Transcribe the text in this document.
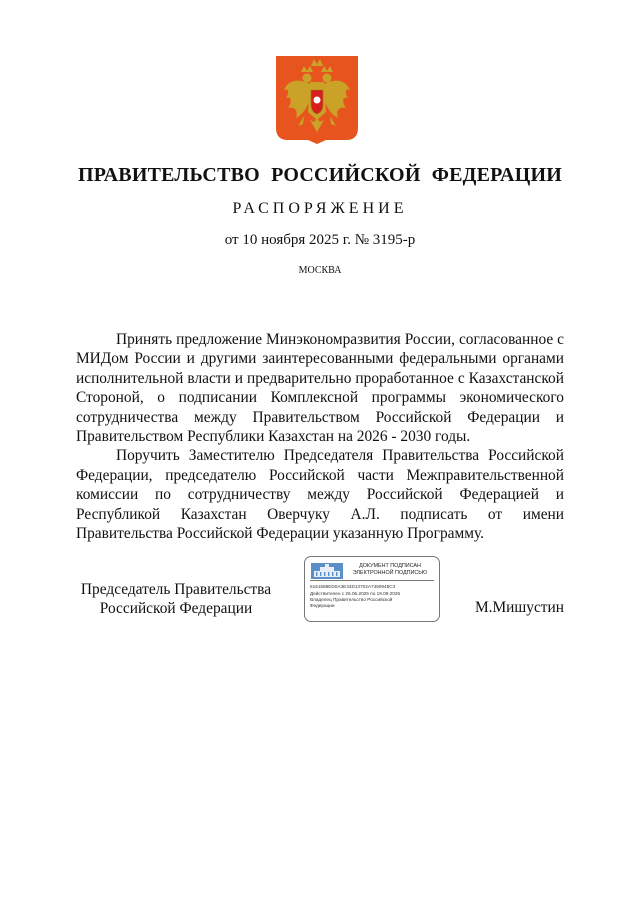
ПРАВИТЕЛЬСТВО РОССИЙСКОЙ ФЕДЕРАЦИИ
РАСПОРЯЖЕНИЕ
от 10 ноября 2025 г. № 3195-р
МОСКВА

Принять предложение Минэкономразвития России, согласованное с МИДом России и другими заинтересованными федеральными органами исполнительной власти и предварительно проработанное с Казахстанской Стороной, о подписании Комплексной программы экономического сотрудничества между Правительством Российской Федерации и Правительством Республики Казахстан на 2026 - 2030 годы.

Поручить Заместителю Председателя Правительства Российской Федерации, председателю Российской части Межправительственной комиссии по сотрудничеству между Российской Федерацией и Республикой Казахстан Оверчуку А.Л. подписать от имени Правительства Российской Федерации указанную Программу.

Председатель Правительства
Российской Федерации
ДОКУМЕНТ ПОДПИСАН
ЭЛЕКТРОННОЙ ПОДПИСЬЮ
5161588ED0A3E34D13702A7460948C3
Действителен с 26.06.2025 по 19.09.2026
Владелец Правительство Российской
Федерации	М.Мишустин
